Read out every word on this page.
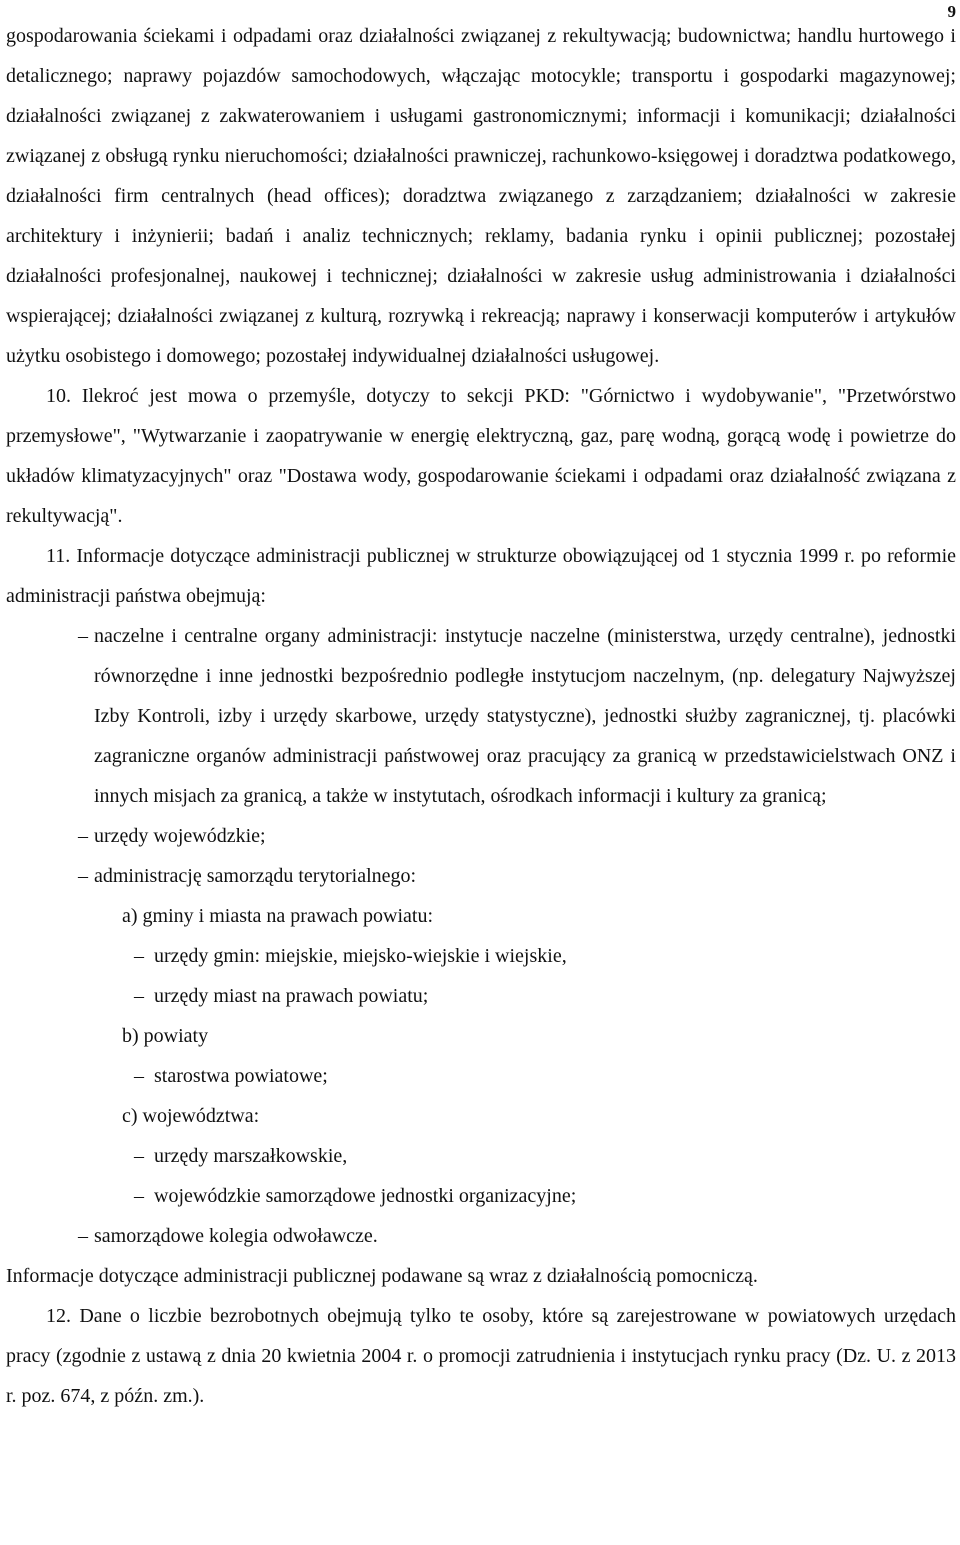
9

gospodarowania ściekami i odpadami oraz działalności związanej z rekultywacją; budownictwa; handlu hurtowego i detalicznego; naprawy pojazdów samochodowych, włączając motocykle; transportu i gospodarki magazynowej; działalności związanej z zakwaterowaniem i usługami gastronomicznymi; informacji i komunikacji; działalności związanej z obsługą rynku nieruchomości; działalności prawniczej, rachunkowo-księgowej i doradztwa podatkowego, działalności firm centralnych (head offices); doradztwa związanego z zarządzaniem; działalności w zakresie architektury i inżynierii; badań i analiz technicznych; reklamy, badania rynku i opinii publicznej; pozostałej działalności profesjonalnej, naukowej i technicznej; działalności w zakresie usług administrowania i działalności wspierającej; działalności związanej z kulturą, rozrywką i rekreacją; naprawy i konserwacji komputerów i artykułów użytku osobistego i domowego; pozostałej indywidualnej działalności usługowej.

10. Ilekroć jest mowa o przemyśle, dotyczy to sekcji PKD: "Górnictwo i wydobywanie", "Przetwórstwo przemysłowe", "Wytwarzanie i zaopatrywanie w energię elektryczną, gaz, parę wodną, gorącą wodę i powietrze do układów klimatyzacyjnych" oraz "Dostawa wody, gospodarowanie ściekami i odpadami oraz działalność związana z rekultywacją".

11. Informacje dotyczące administracji publicznej w strukturze obowiązującej od 1 stycznia 1999 r. po reformie administracji państwa obejmują:

– naczelne i centralne organy administracji: instytucje naczelne (ministerstwa, urzędy centralne), jednostki równorzędne i inne jednostki bezpośrednio podległe instytucjom naczelnym, (np. delegatury Najwyższej Izby Kontroli, izby i urzędy skarbowe, urzędy statystyczne), jednostki służby zagranicznej, tj. placówki zagraniczne organów administracji państwowej oraz pracujący za granicą w przedstawicielstwach ONZ i innych misjach za granicą, a także w instytutach, ośrodkach informacji i kultury za granicą;
– urzędy wojewódzkie;
– administrację samorządu terytorialnego:

a) gminy i miasta na prawach powiatu:

– urzędy gmin: miejskie, miejsko-wiejskie i wiejskie,
– urzędy miast na prawach powiatu;

b) powiaty

– starostwa powiatowe;

c) województwa:

– urzędy marszałkowskie,
– wojewódzkie samorządowe jednostki organizacyjne;
– samorządowe kolegia odwoławcze.

Informacje dotyczące administracji publicznej podawane są wraz z działalnością pomocniczą.

12. Dane o liczbie bezrobotnych obejmują tylko te osoby, które są zarejestrowane w powiatowych urzędach pracy (zgodnie z ustawą z dnia 20 kwietnia 2004 r. o promocji zatrudnienia i instytucjach rynku pracy (Dz. U. z 2013 r. poz. 674, z późn. zm.).
